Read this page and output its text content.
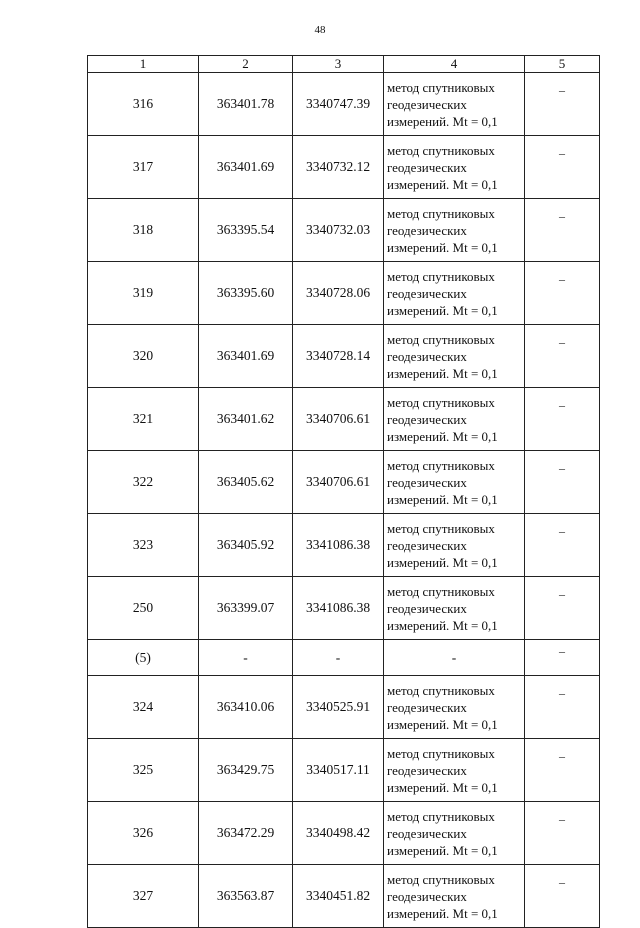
48
1	2	3	4	5
316	363401.78	3340747.39	метод спутниковых
геодезических
измерений. Mt = 0,1	–
317	363401.69	3340732.12	метод спутниковых
геодезических
измерений. Mt = 0,1	–
318	363395.54	3340732.03	метод спутниковых
геодезических
измерений. Mt = 0,1	–
319	363395.60	3340728.06	метод спутниковых
геодезических
измерений. Mt = 0,1	–
320	363401.69	3340728.14	метод спутниковых
геодезических
измерений. Mt = 0,1	–
321	363401.62	3340706.61	метод спутниковых
геодезических
измерений. Mt = 0,1	–
322	363405.62	3340706.61	метод спутниковых
геодезических
измерений. Mt = 0,1	–
323	363405.92	3341086.38	метод спутниковых
геодезических
измерений. Mt = 0,1	–
250	363399.07	3341086.38	метод спутниковых
геодезических
измерений. Mt = 0,1	–
(5)	-	-	-	–
324	363410.06	3340525.91	метод спутниковых
геодезических
измерений. Mt = 0,1	–
325	363429.75	3340517.11	метод спутниковых
геодезических
измерений. Mt = 0,1	–
326	363472.29	3340498.42	метод спутниковых
геодезических
измерений. Mt = 0,1	–
327	363563.87	3340451.82	метод спутниковых
геодезических
измерений. Mt = 0,1	–
